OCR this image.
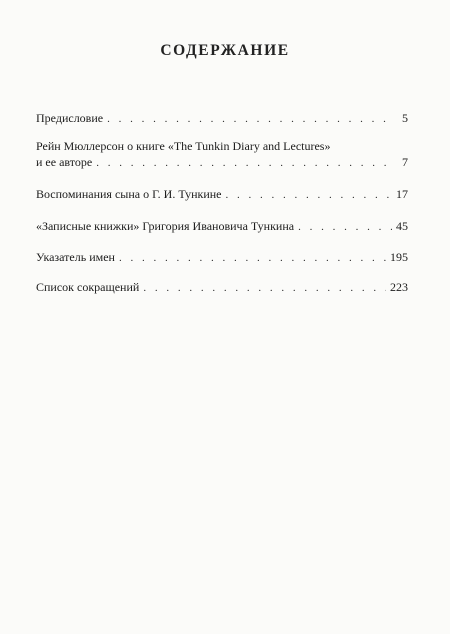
СОДЕРЖАНИЕ
Предисловие . . .	5
Рейн Мюллерсон о книге «The Tunkin Diary and Lectures»
и ее авторе . . .	7
Воспоминания сына о Г. И. Тункине . . .	17
«Записные книжки» Григория Ивановича Тункина . . .	45
Указатель имен . . .	195
Список сокращений . . .	223
